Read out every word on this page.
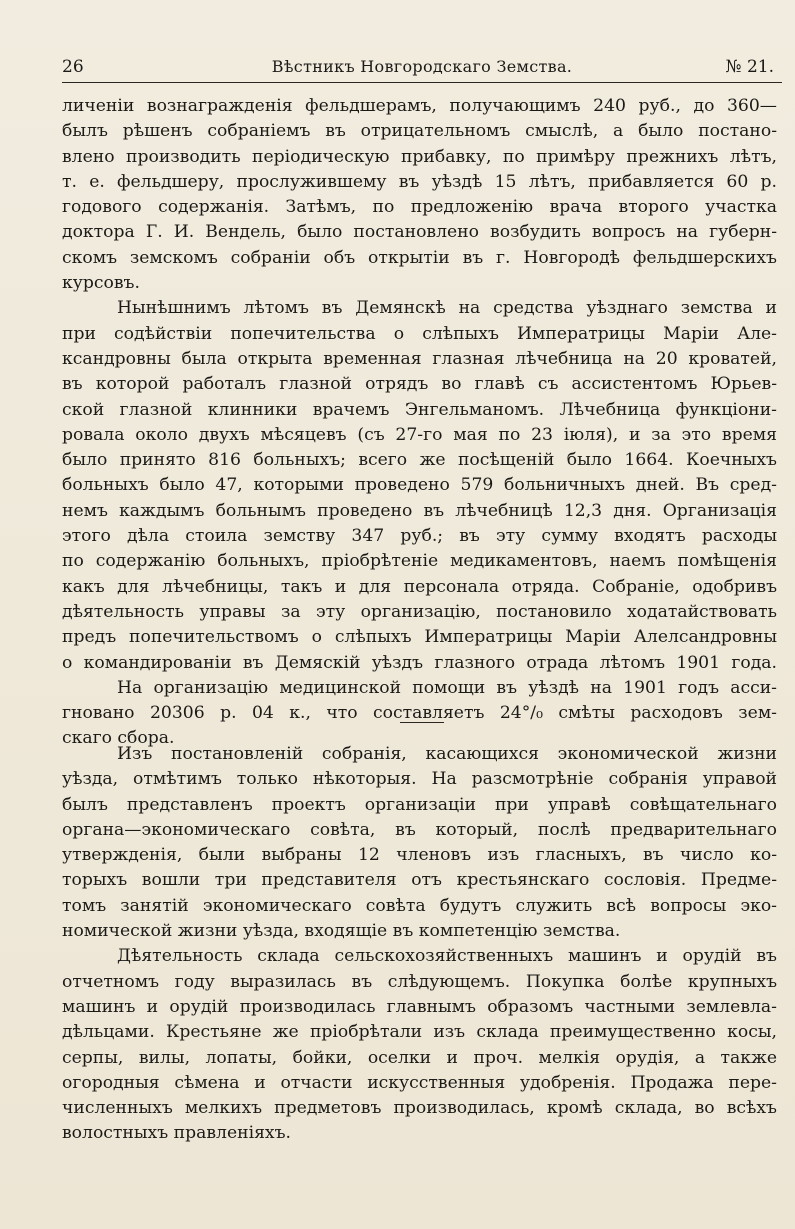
26	Вѣстникъ Новгородскаго Земства.	№ 21.
личеніи вознагражденія фельдшерамъ, получающимъ 240 руб., до 360—
былъ рѣшенъ собраніемъ въ отрицательномъ смыслѣ, а было постано-
влено производить періодическую прибавку, по примѣру прежнихъ лѣтъ,
т. е. фельдшеру, прослужившему въ уѣздѣ 15 лѣтъ, прибавляется 60 р.
годового содержанія. Затѣмъ, по предложенію врача второго участка
доктора Г. И. Вендель, было постановлено возбудить вопросъ на губерн-
скомъ земскомъ собраніи объ открытіи въ г. Новгородѣ фельдшерскихъ
курсовъ.
Нынѣшнимъ лѣтомъ въ Демянскѣ на средства уѣзднаго земства и
при содѣйствіи попечительства о слѣпыхъ Императрицы Маріи Але-
ксандровны была открыта временная глазная лѣчебница на 20 кроватей,
въ которой работалъ глазной отрядъ во главѣ съ ассистентомъ Юрьев-
ской глазной клинники врачемъ Энгельманомъ. Лѣчебница функціони-
ровала около двухъ мѣсяцевъ (съ 27-го мая по 23 іюля), и за это время
было принято 816 больныхъ; всего же посѣщеній было 1664. Коечныхъ
больныхъ было 47, которыми проведено 579 больничныхъ дней. Въ сред-
немъ каждымъ больнымъ проведено въ лѣчебницѣ 12,3 дня. Организація
этого дѣла стоила земству 347 руб.; въ эту сумму входятъ расходы
по содержанію больныхъ, пріобрѣтеніе медикаментовъ, наемъ помѣщенія
какъ для лѣчебницы, такъ и для персонала отряда. Собраніе, одобривъ
дѣятельность управы за эту организацію, постановило ходатайствовать
предъ попечительствомъ о слѣпыхъ Императрицы Маріи Алелсандровны
о командированіи въ Демяскій уѣздъ глазного отрада лѣтомъ 1901 года.
На организацію медицинской помощи въ уѣздѣ на 1901 годъ асси-
гновано 20306 р. 04 к., что составляетъ 24°/₀ смѣты расходовъ зем-
скаго сбора.
Изъ постановленій собранія, касающихся экономической жизни
уѣзда, отмѣтимъ только нѣкоторыя. На разсмотрѣніе собранія управой
былъ представленъ проектъ организаціи при управѣ совѣщательнаго
органа—экономическаго совѣта, въ который, послѣ предварительнаго
утвержденія, были выбраны 12 членовъ изъ гласныхъ, въ число ко-
торыхъ вошли три представителя отъ крестьянскаго сословія. Предме-
томъ занятій экономическаго совѣта будутъ служить всѣ вопросы эко-
номической жизни уѣзда, входящіе въ компетенцію земства.
Дѣятельность склада сельскохозяйственныхъ машинъ и орудій въ
отчетномъ году выразилась въ слѣдующемъ. Покупка болѣе крупныхъ
машинъ и орудій производилась главнымъ образомъ частными землевла-
дѣльцами. Крестьяне же пріобрѣтали изъ склада преимущественно косы,
серпы, вилы, лопаты, бойки, оселки и проч. мелкія орудія, а также
огородныя сѣмена и отчасти искусственныя удобренія. Продажа пере-
численныхъ мелкихъ предметовъ производилась, кромѣ склада, во всѣхъ
волостныхъ правленіяхъ.
